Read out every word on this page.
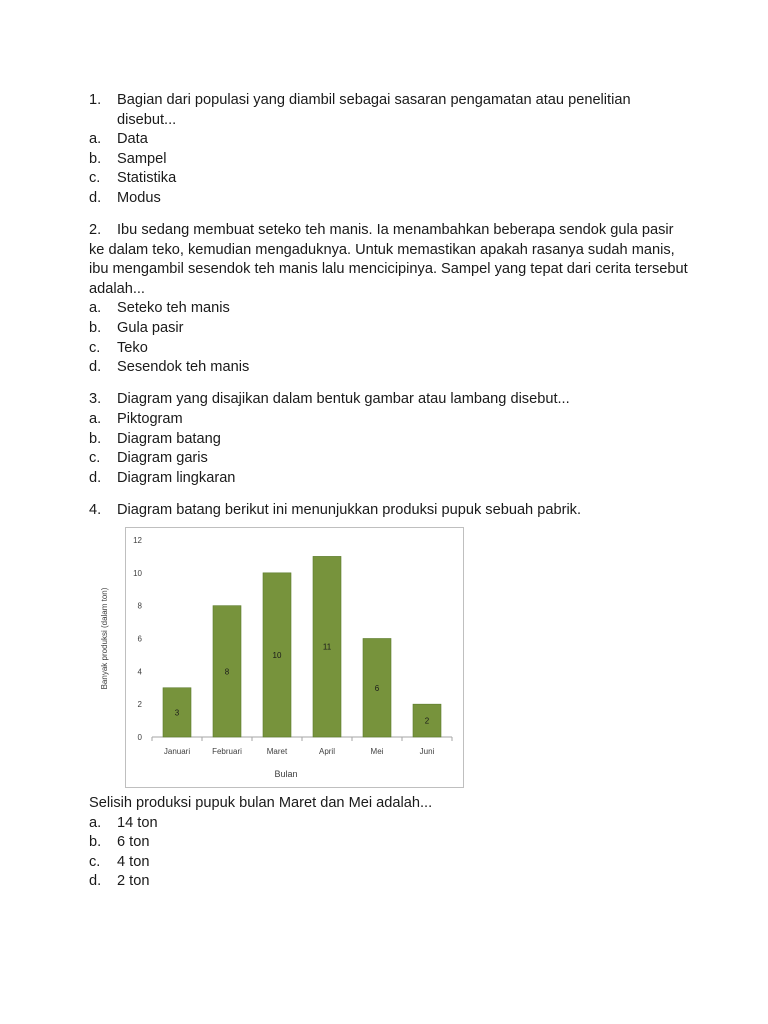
1.	Bagian dari populasi yang diambil sebagai sasaran pengamatan atau penelitian disebut...
a.	Data
b.	Sampel
c.	Statistika
d.	Modus
2. Ibu sedang membuat seteko teh manis. Ia menambahkan beberapa sendok gula pasir ke dalam teko, kemudian mengaduknya. Untuk memastikan apakah rasanya sudah manis, ibu mengambil sesendok teh manis lalu mencicipinya. Sampel yang tepat dari cerita tersebut adalah...
a.	Seteko teh manis
b.	Gula pasir
c.	Teko
d.	Sesendok teh manis
3.	Diagram yang disajikan dalam bentuk gambar atau lambang disebut...
a.	Piktogram
b.	Diagram batang
c.	Diagram garis
d.	Diagram lingkaran
4.	Diagram batang berikut ini menunjukkan produksi pupuk sebuah pabrik.
0
2
4
6
8
10
12
3
8
10
11
6
2
Januari	Februari	Maret	April	Mei	Juni
Banyak produksi (dalam ton)
Bulan
Selisih produksi pupuk bulan Maret dan Mei adalah...
a.	14 ton
b.	6 ton
c.	4 ton
d.	2 ton
